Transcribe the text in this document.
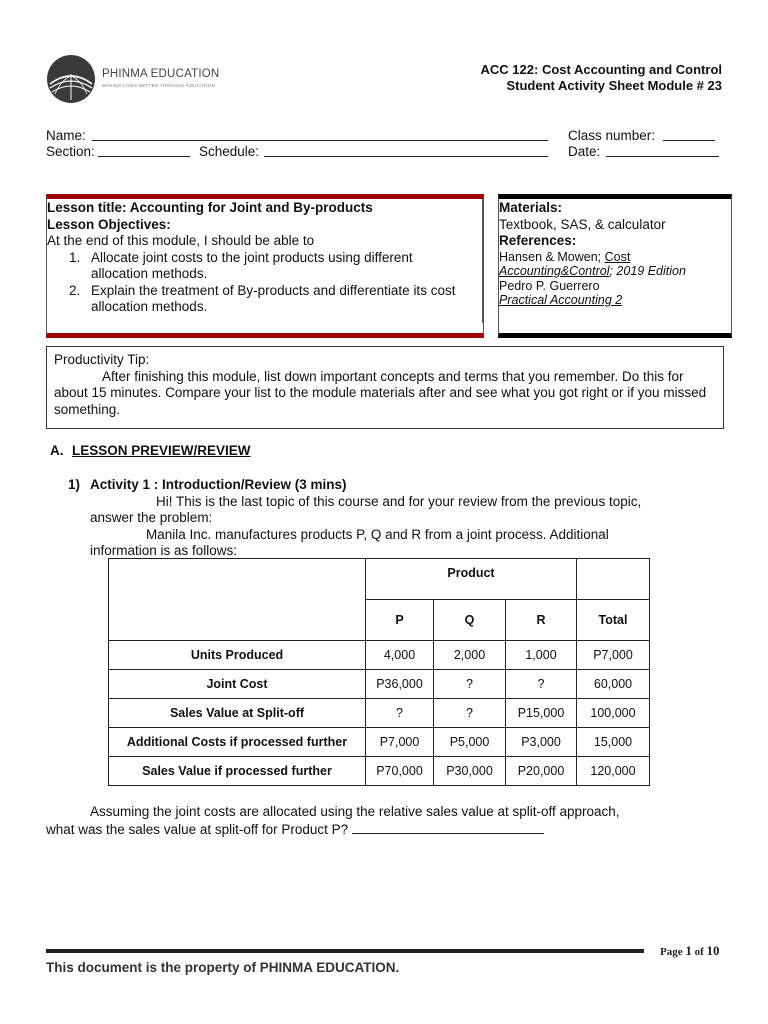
PHINMA EDUCATION
MAKING LIVES BETTER THROUGH EDUCATION
ACC 122: Cost Accounting and Control
Student Activity Sheet Module # 23
Name:	Class number:
Section:	Schedule:	Date:
Lesson title: Accounting for Joint and By-products
Lesson Objectives:
At the end of this module, I should be able to
1. Allocate joint costs to the joint products using different
allocation methods.
2. Explain the treatment of By-products and differentiate its cost
allocation methods.
Materials:
Textbook, SAS, & calculator
References:
Hansen & Mowen; Cost
Accounting&Control; 2019 Edition
Pedro P. Guerrero
Practical Accounting 2
Productivity Tip:
After finishing this module, list down important concepts and terms that you remember. Do this for
about 15 minutes. Compare your list to the module materials after and see what you got right or if you missed
something.
A. LESSON PREVIEW/REVIEW
1) Activity 1 : Introduction/Review (3 mins)
Hi! This is the last topic of this course and for your review from the previous topic,
answer the problem:
Manila Inc. manufactures products P, Q and R from a joint process. Additional
information is as follows:
	Product			
	P	Q	R	Total
Units Produced	4,000	2,000	1,000	P7,000
Joint Cost	P36,000	?	?	60,000
Sales Value at Split-off	?	?	P15,000	100,000
Additional Costs if processed further	P7,000	P5,000	P3,000	15,000
Sales Value if processed further	P70,000	P30,000	P20,000	120,000
Assuming the joint costs are allocated using the relative sales value at split-off approach,
what was the sales value at split-off for Product P?
Page 1 of 10
This document is the property of PHINMA EDUCATION.
